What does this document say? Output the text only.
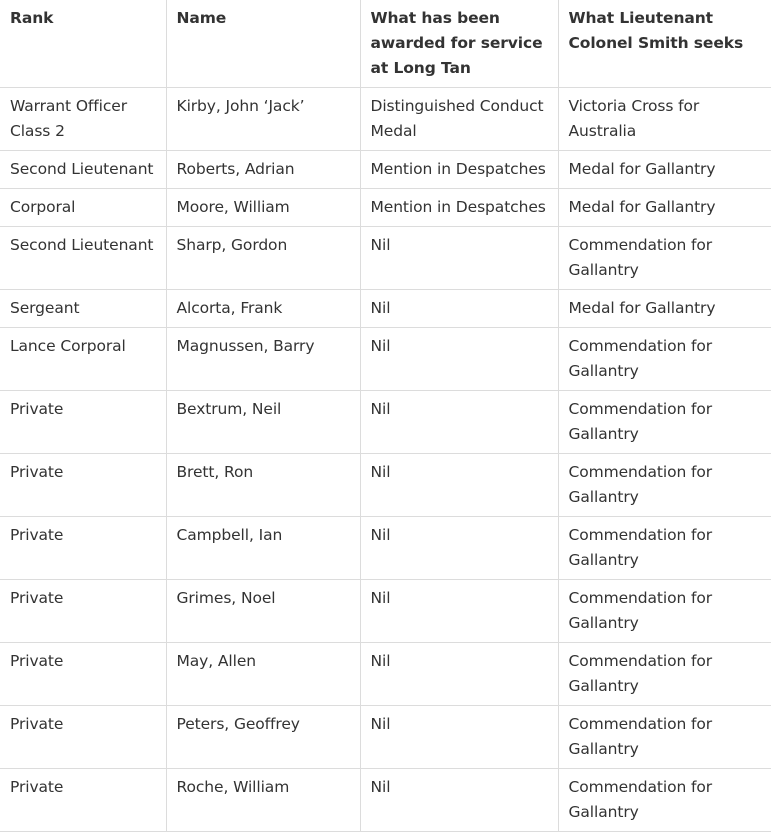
Rank	Name	What has been awarded for service at Long Tan	What Lieutenant Colonel Smith seeks
Warrant Officer Class 2	Kirby, John ‘Jack’	Distinguished Conduct Medal	Victoria Cross for Australia
Second Lieutenant	Roberts, Adrian	Mention in Despatches	Medal for Gallantry
Corporal	Moore, William	Mention in Despatches	Medal for Gallantry
Second Lieutenant	Sharp, Gordon	Nil	Commendation for Gallantry
Sergeant	Alcorta, Frank	Nil	Medal for Gallantry
Lance Corporal	Magnussen, Barry	Nil	Commendation for Gallantry
Private	Bextrum, Neil	Nil	Commendation for Gallantry
Private	Brett, Ron	Nil	Commendation for Gallantry
Private	Campbell, Ian	Nil	Commendation for Gallantry
Private	Grimes, Noel	Nil	Commendation for Gallantry
Private	May, Allen	Nil	Commendation for Gallantry
Private	Peters, Geoffrey	Nil	Commendation for Gallantry
Private	Roche, William	Nil	Commendation for Gallantry
